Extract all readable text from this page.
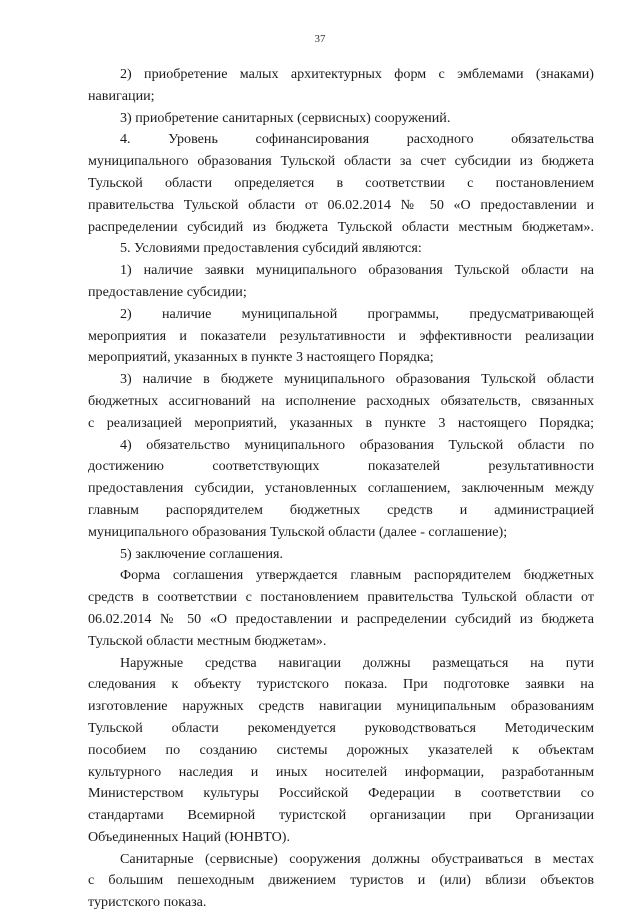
37
2) приобретение малых архитектурных форм с эмблемами (знаками)
навигации;
3) приобретение санитарных (сервисных) сооружений.
4. Уровень софинансирования расходного обязательства
муниципального образования Тульской области за счет субсидии из бюджета
Тульской области определяется в соответствии с постановлением
правительства Тульской области от 06.02.2014 № 50 «О предоставлении и
распределении субсидий из бюджета Тульской области местным бюджетам».
5. Условиями предоставления субсидий являются:
1) наличие заявки муниципального образования Тульской области на
предоставление субсидии;
2) наличие муниципальной программы, предусматривающей
мероприятия и показатели результативности и эффективности реализации
мероприятий, указанных в пункте 3 настоящего Порядка;
3) наличие в бюджете муниципального образования Тульской области
бюджетных ассигнований на исполнение расходных обязательств, связанных
с реализацией мероприятий, указанных в пункте 3 настоящего Порядка;
4) обязательство муниципального образования Тульской области по
достижению соответствующих показателей результативности
предоставления субсидии, установленных соглашением, заключенным между
главным распорядителем бюджетных средств и администрацией
муниципального образования Тульской области (далее - соглашение);
5) заключение соглашения.
Форма соглашения утверждается главным распорядителем бюджетных
средств в соответствии с постановлением правительства Тульской области от
06.02.2014 № 50 «О предоставлении и распределении субсидий из бюджета
Тульской области местным бюджетам».
Наружные средства навигации должны размещаться на пути
следования к объекту туристского показа. При подготовке заявки на
изготовление наружных средств навигации муниципальным образованиям
Тульской области рекомендуется руководствоваться Методическим
пособием по созданию системы дорожных указателей к объектам
культурного наследия и иных носителей информации, разработанным
Министерством культуры Российской Федерации в соответствии со
стандартами Всемирной туристской организации при Организации
Объединенных Наций (ЮНВТО).
Санитарные (сервисные) сооружения должны обустраиваться в местах
с большим пешеходным движением туристов и (или) вблизи объектов
туристского показа.
